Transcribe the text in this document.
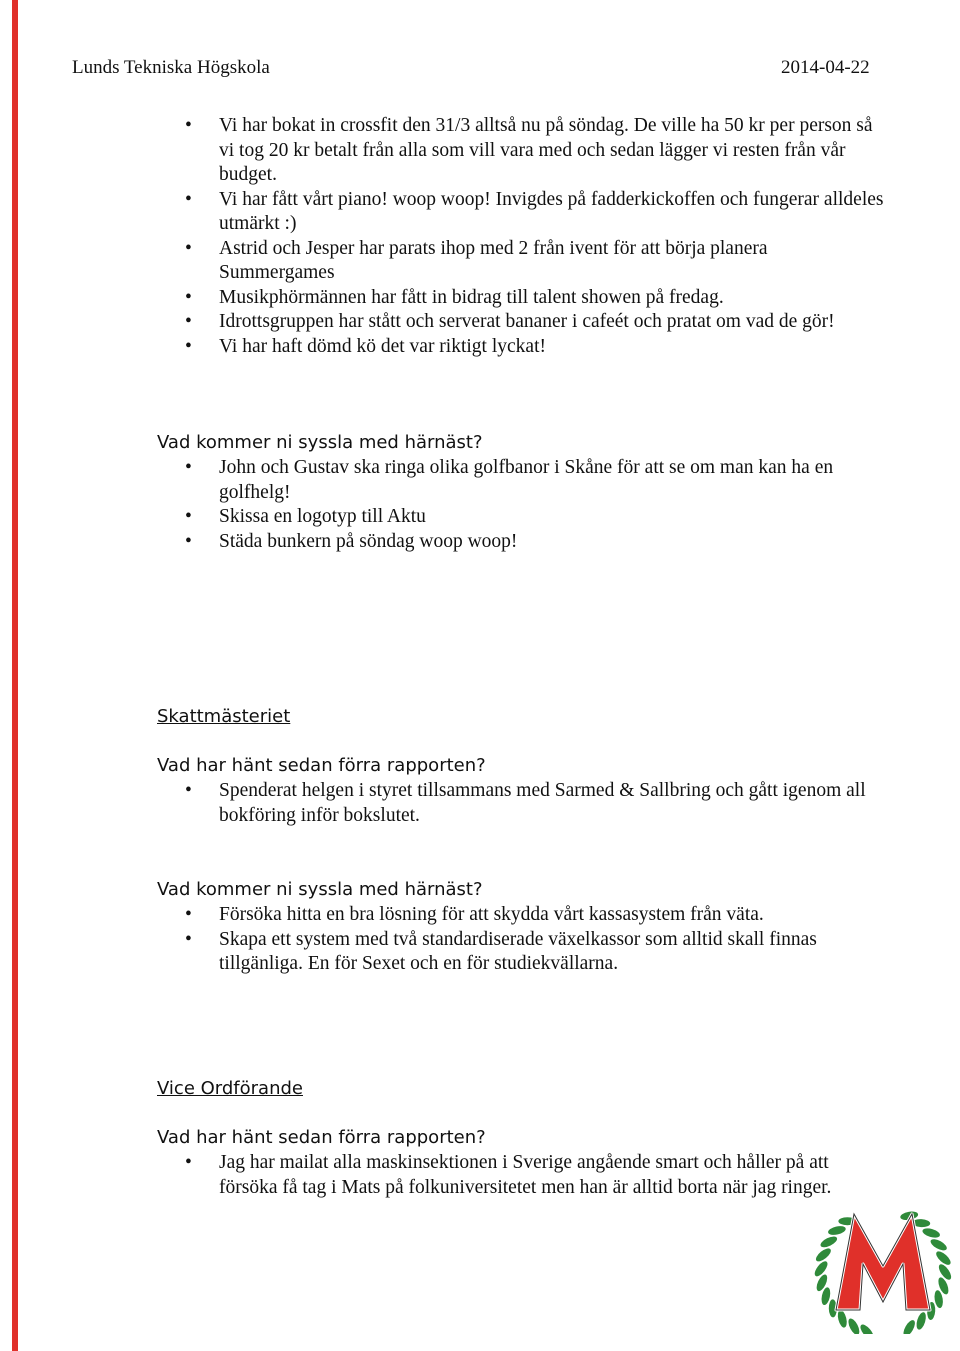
Lunds Tekniska Högskola	2014-04-22
• Vi har bokat in crossfit den 31/3 alltså nu på söndag. De ville ha 50 kr per person så vi tog 20 kr betalt från alla som vill vara med och sedan lägger vi resten från vår budget.
• Vi har fått vårt piano! woop woop! Invigdes på fadderkickoffen och fungerar alldeles utmärkt :)
• Astrid och Jesper har parats ihop med 2 från ivent för att börja planera Summergames
• Musikphörmännen har fått in bidrag till talent showen på fredag.
• Idrottsgruppen har stått och serverat bananer i cafeét och pratat om vad de gör!
• Vi har haft dömd kö det var riktigt lyckat!
Vad kommer ni syssla med härnäst?
• John och Gustav ska ringa olika golfbanor i Skåne för att se om man kan ha en golfhelg!
• Skissa en logotyp till Aktu
• Städa bunkern på söndag woop woop!
Skattmästeriet
Vad har hänt sedan förra rapporten?
• Spenderat helgen i styret tillsammans med Sarmed & Sallbring och gått igenom all bokföring inför bokslutet.
Vad kommer ni syssla med härnäst?
• Försöka hitta en bra lösning för att skydda vårt kassasystem från väta.
• Skapa ett system med två standardiserade växelkassor som alltid skall finnas tillgänliga. En för Sexet och en för studiekvällarna.
Vice Ordförande
Vad har hänt sedan förra rapporten?
• Jag har mailat alla maskinsektionen i Sverige angående smart och håller på att försöka få tag i Mats på folkuniversitetet men han är alltid borta när jag ringer.
